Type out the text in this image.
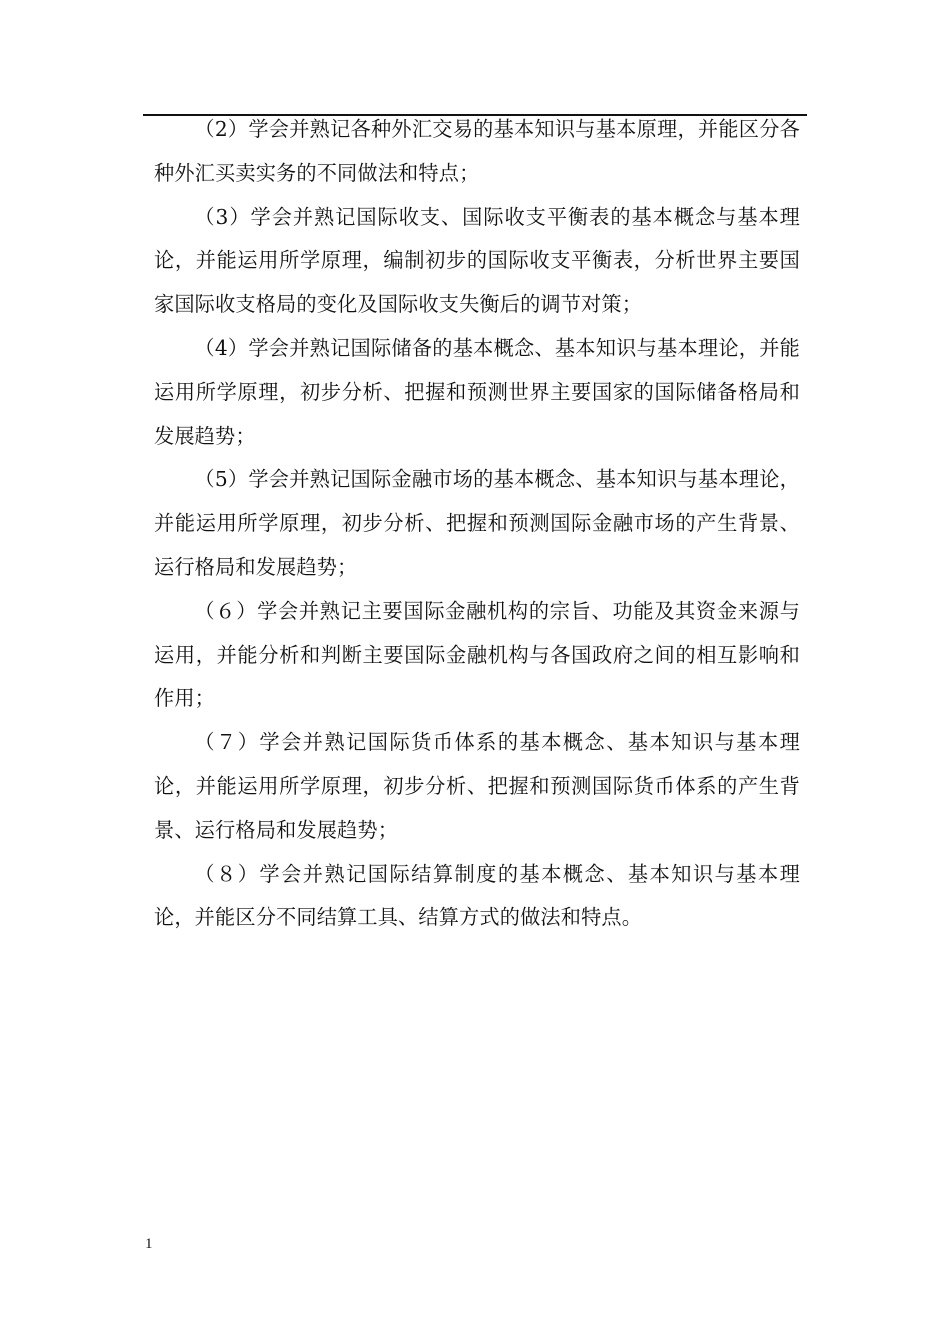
（2）学会并熟记各种外汇交易的基本知识与基本原理，并能区分各种外汇买卖实务的不同做法和特点；

（3）学会并熟记国际收支、国际收支平衡表的基本概念与基本理论，并能运用所学原理，编制初步的国际收支平衡表，分析世界主要国家国际收支格局的变化及国际收支失衡后的调节对策；

（4）学会并熟记国际储备的基本概念、基本知识与基本理论，并能运用所学原理，初步分析、把握和预测世界主要国家的国际储备格局和发展趋势；

（5）学会并熟记国际金融市场的基本概念、基本知识与基本理论，并能运用所学原理，初步分析、把握和预测国际金融市场的产生背景、运行格局和发展趋势；

（６）学会并熟记主要国际金融机构的宗旨、功能及其资金来源与运用，并能分析和判断主要国际金融机构与各国政府之间的相互影响和作用；

（７）学会并熟记国际货币体系的基本概念、基本知识与基本理论，并能运用所学原理，初步分析、把握和预测国际货币体系的产生背景、运行格局和发展趋势；

（８）学会并熟记国际结算制度的基本概念、基本知识与基本理论，并能区分不同结算工具、结算方式的做法和特点。

1
